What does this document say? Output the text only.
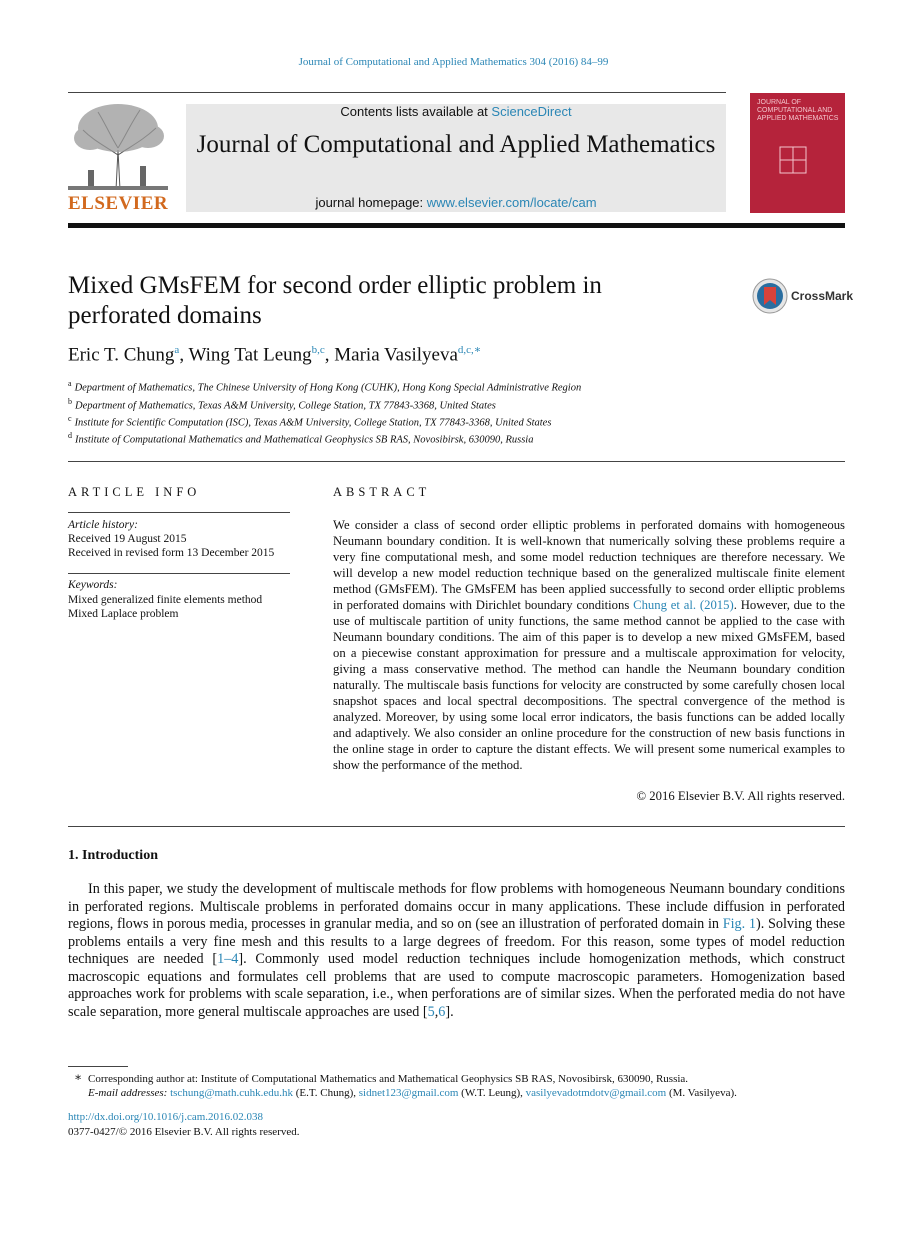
Journal of Computational and Applied Mathematics 304 (2016) 84–99
ELSEVIER
Contents lists available at ScienceDirect
Journal of Computational and Applied Mathematics
journal homepage: www.elsevier.com/locate/cam
JOURNAL OF COMPUTATIONAL AND APPLIED MATHEMATICS
Mixed GMsFEM for second order elliptic problem in perforated domains
CrossMark
Eric T. Chung$^a$, Wing Tat Leung$^{b,c}$, Maria Vasilyeva$^{d,c,∗}$
$^a$ Department of Mathematics, The Chinese University of Hong Kong (CUHK), Hong Kong Special Administrative Region
$^b$ Department of Mathematics, Texas A&M University, College Station, TX 77843-3368, United States
$^c$ Institute for Scientific Computation (ISC), Texas A&M University, College Station, TX 77843-3368, United States
$^d$ Institute of Computational Mathematics and Mathematical Geophysics SB RAS, Novosibirsk, 630090, Russia
ARTICLE INFO
Article history:
Received 19 August 2015
Received in revised form 13 December 2015
Keywords:
Mixed generalized finite elements method
Mixed Laplace problem
ABSTRACT
We consider a class of second order elliptic problems in perforated domains with homogeneous Neumann boundary condition. It is well-known that numerically solving these problems require a very fine computational mesh, and some model reduction techniques are therefore necessary. We will develop a new model reduction technique based on the generalized multiscale finite element method (GMsFEM). The GMsFEM has been applied successfully to second order elliptic problems in perforated domains with Dirichlet boundary conditions Chung et al. (2015). However, due to the use of multiscale partition of unity functions, the same method cannot be applied to the case with Neumann boundary conditions. The aim of this paper is to develop a new mixed GMsFEM, based on a piecewise constant approximation for pressure and a multiscale approximation for velocity, giving a mass conservative method. The method can handle the Neumann boundary condition naturally. The multiscale basis functions for velocity are constructed by some carefully chosen local snapshot spaces and local spectral decompositions. The spectral convergence of the method is analyzed. Moreover, by using some local error indicators, the basis functions can be added locally and adaptively. We also consider an online procedure for the construction of new basis functions in the online stage in order to capture the distant effects. We will present some numerical examples to show the performance of the method.
© 2016 Elsevier B.V. All rights reserved.
1. Introduction
In this paper, we study the development of multiscale methods for flow problems with homogeneous Neumann boundary conditions in perforated regions. Multiscale problems in perforated domains occur in many applications. These include diffusion in perforated regions, flows in porous media, processes in granular media, and so on (see an illustration of perforated domain in Fig. 1). Solving these problems entails a very fine mesh and this results to a large degrees of freedom. For this reason, some types of model reduction techniques are needed [1–4]. Commonly used model reduction techniques include homogenization methods, which construct macroscopic equations and formulates cell problems that are used to compute macroscopic parameters. Homogenization based approaches work for problems with scale separation, i.e., when perforations are of similar sizes. When the perforated media do not have scale separation, more general multiscale approaches are used [5,6].
∗ Corresponding author at: Institute of Computational Mathematics and Mathematical Geophysics SB RAS, Novosibirsk, 630090, Russia.
E-mail addresses: tschung@math.cuhk.edu.hk (E.T. Chung), sidnet123@gmail.com (W.T. Leung), vasilyevadotmdotv@gmail.com (M. Vasilyeva).
http://dx.doi.org/10.1016/j.cam.2016.02.038
0377-0427/© 2016 Elsevier B.V. All rights reserved.
